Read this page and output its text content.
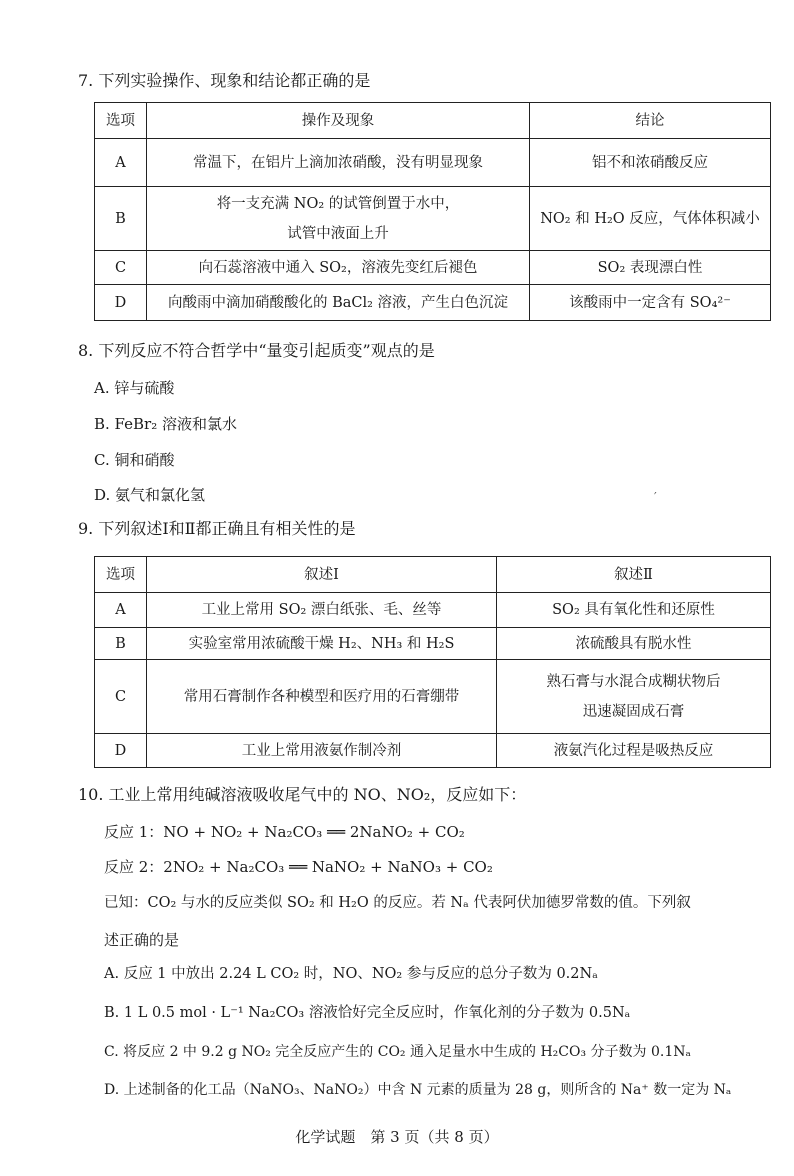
7. 下列实验操作、现象和结论都正确的是
选项	操作及现象	结论
A	常温下，在铝片上滴加浓硝酸，没有明显现象	铝不和浓硝酸反应
B	将一支充满 NO₂ 的试管倒置于水中，
试管中液面上升	NO₂ 和 H₂O 反应，气体体积减小
C	向石蕊溶液中通入 SO₂，溶液先变红后褪色	SO₂ 表现漂白性
D	向酸雨中滴加硝酸酸化的 BaCl₂ 溶液，产生白色沉淀	该酸雨中一定含有 SO₄²⁻
8. 下列反应不符合哲学中“量变引起质变”观点的是
A. 锌与硫酸
B. FeBr₂ 溶液和氯水
C. 铜和硝酸
D. 氨气和氯化氢	′
9. 下列叙述Ⅰ和Ⅱ都正确且有相关性的是
选项	叙述Ⅰ	叙述Ⅱ
A	工业上常用 SO₂ 漂白纸张、毛、丝等	SO₂ 具有氧化性和还原性
B	实验室常用浓硫酸干燥 H₂、NH₃ 和 H₂S	浓硫酸具有脱水性
C	常用石膏制作各种模型和医疗用的石膏绷带	熟石膏与水混合成糊状物后
迅速凝固成石膏

D	工业上常用液氨作制冷剂	液氨汽化过程是吸热反应
10. 工业上常用纯碱溶液吸收尾气中的 NO、NO₂，反应如下：
反应 1：NO + NO₂ + Na₂CO₃ ══ 2NaNO₂ + CO₂
反应 2：2NO₂ + Na₂CO₃ ══ NaNO₂ + NaNO₃ + CO₂
已知：CO₂ 与水的反应类似 SO₂ 和 H₂O 的反应。若 Nₐ 代表阿伏加德罗常数的值。下列叙
述正确的是
A. 反应 1 中放出 2.24 L CO₂ 时，NO、NO₂ 参与反应的总分子数为 0.2Nₐ
B. 1 L 0.5 mol · L⁻¹ Na₂CO₃ 溶液恰好完全反应时，作氧化剂的分子数为 0.5Nₐ
C. 将反应 2 中 9.2 g NO₂ 完全反应产生的 CO₂ 通入足量水中生成的 H₂CO₃ 分子数为 0.1Nₐ
D. 上述制备的化工品（NaNO₃、NaNO₂）中含 N 元素的质量为 28 g，则所含的 Na⁺ 数一定为 Nₐ
化学试题　第 3 页（共 8 页）
